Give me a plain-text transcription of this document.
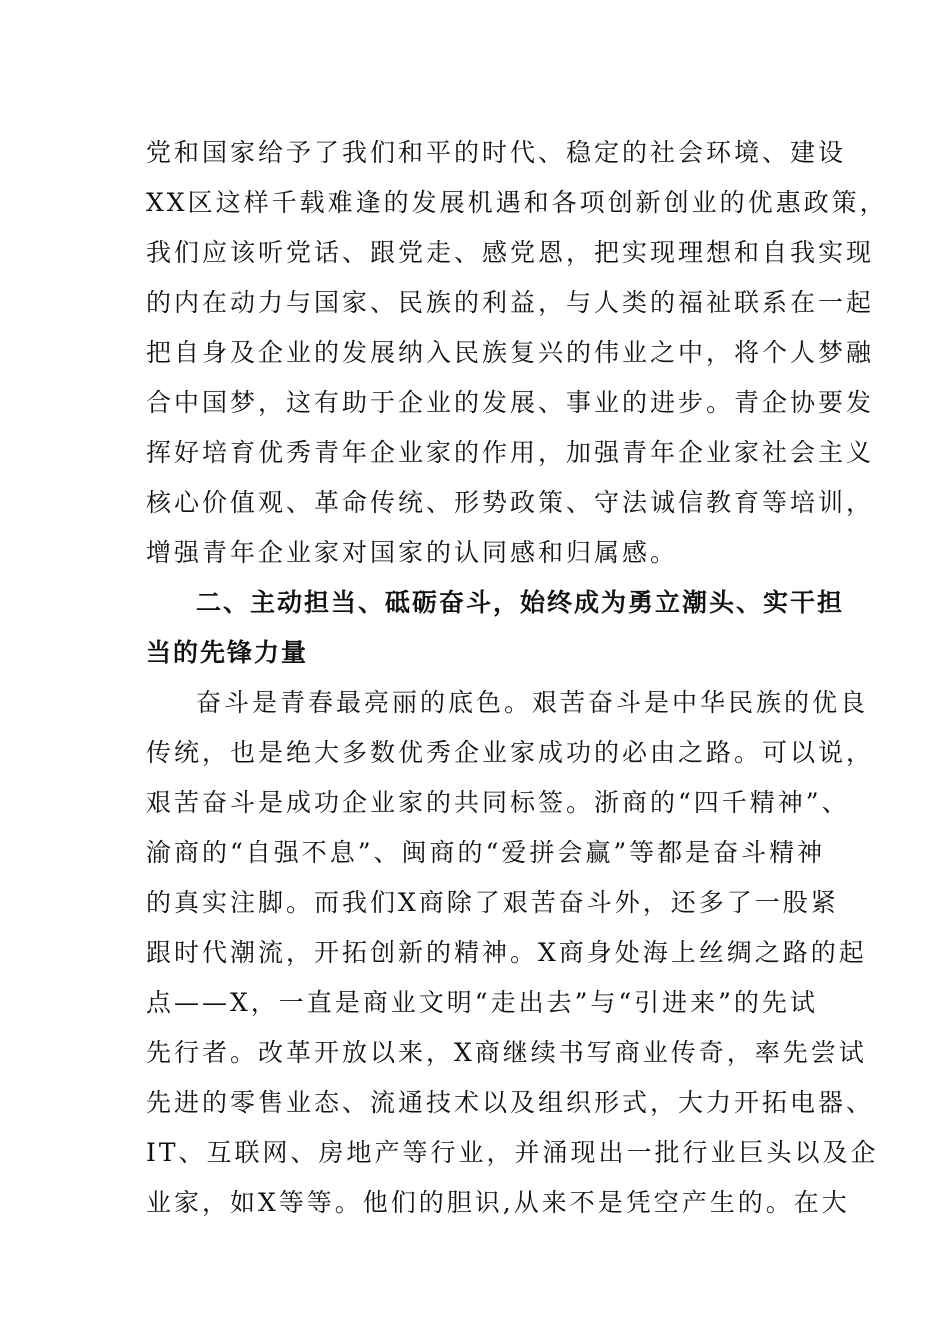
党和国家给予了我们和平的时代、稳定的社会环境、建设
XX区这样千载难逢的发展机遇和各项创新创业的优惠政策，
我们应该听党话、跟党走、感党恩，把实现理想和自我实现
的内在动力与国家、民族的利益，与人类的福祉联系在一起
把自身及企业的发展纳入民族复兴的伟业之中，将个人梦融
合中国梦，这有助于企业的发展、事业的进步。青企协要发
挥好培育优秀青年企业家的作用，加强青年企业家社会主义
核心价值观、革命传统、形势政策、守法诚信教育等培训，
增强青年企业家对国家的认同感和归属感。
二、主动担当、砥砺奋斗，始终成为勇立潮头、实干担
当的先锋力量
奋斗是青春最亮丽的底色。艰苦奋斗是中华民族的优良
传统，也是绝大多数优秀企业家成功的必由之路。可以说，
艰苦奋斗是成功企业家的共同标签。浙商的“四千精神”、
渝商的“自强不息”、闽商的“爱拼会赢”等都是奋斗精神
的真实注脚。而我们X商除了艰苦奋斗外，还多了一股紧
跟时代潮流，开拓创新的精神。X商身处海上丝绸之路的起
点——X，一直是商业文明“走出去”与“引进来”的先试
先行者。改革开放以来，X商继续书写商业传奇，率先尝试
先进的零售业态、流通技术以及组织形式，大力开拓电器、
IT、互联网、房地产等行业，并涌现出一批行业巨头以及企
业家，如X等等。他们的胆识,从来不是凭空产生的。在大
